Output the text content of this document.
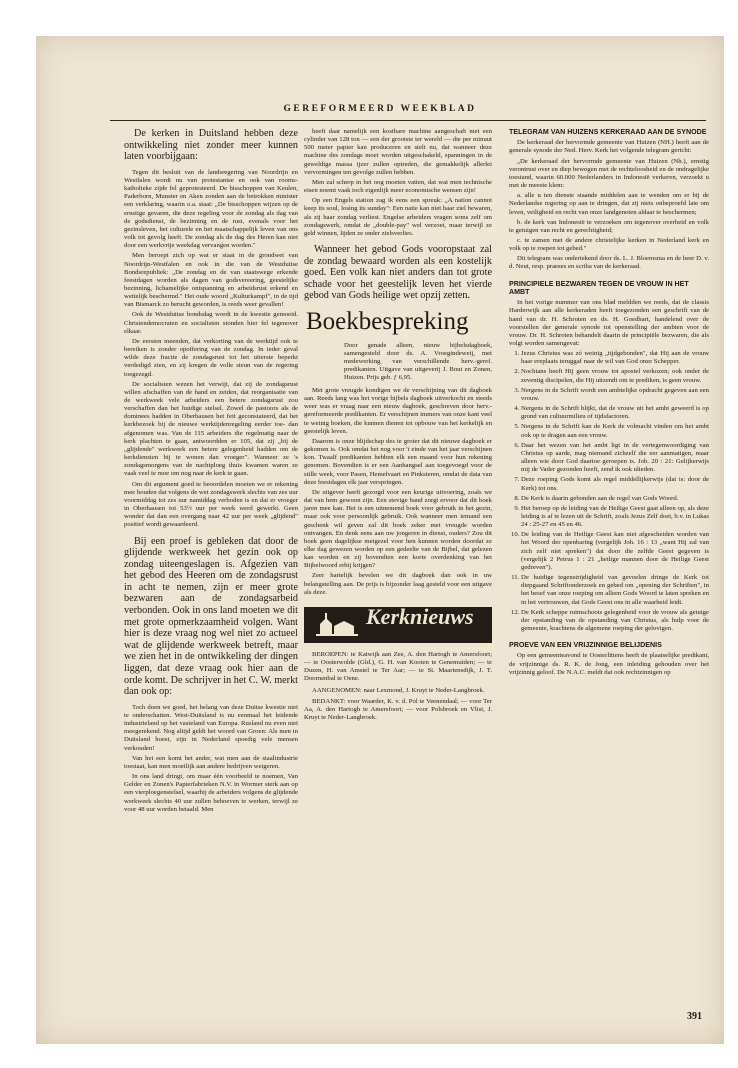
GEREFORMEERD WEEKBLAD

De kerken in Duitsland hebben deze ontwikkeling niet zonder meer kunnen laten voorbijgaan:

Tegen dit besluit van de landsregering van Noordrijn en Westfalen wordt nu van protestantse en ook van rooms-katholieke zijde fel geprotesteerd. De bisschoppen van Keulen, Paderborn, Munster en Aken zonden aan de betrokken minister een verklaring, waarin o.a. staat: „De bisschoppen wijzen op de ernstige gevaren, die deze regeling voor de zondag als dag van de godsdienst, de bezinning en de rust, evenals voor het gezinsleven, het culturele en het maatschappelijk leven van ons volk tot gevolg heeft. De zondag als de dag des Heren kan niet door een werkvrije weekdag vervangen worden."

Men beroept zich op wat er staat in de grondwet van Noordrijn-Westfalen en ook in die van de Westduitse Bondsrepubliek: „De zondag en de van staatswege erkende feestdagen worden als dagen van godsvereering, geestelijke bezinning, lichamelijke ontspanning en arbeidsrust erkend en wettelijk beschermd." Het oude woord „Kulturkampf", in de tijd van Bismarck zo berucht geworden, is reeds weer gevallen!

Ook de Westduitse bondsdag wordt in de kwestie gemoeid. Christendemocraten en socialisten stonden hier fel tegenover elkaar.

De eersten meenden, dat verkorting van de werktijd ook te bereiken is zonder opoffering van de zondag. In ieder geval wilde deze fractie de zondagsrust tot het uiterste beperkt verdedigd zien, en zij kregen de volle steun van de regering toegezegd.

De socialisten wezen het verwijt, dat zij de zondagsrust willen afschaffen van de hand en zeiden, dat reorganisatie van de werkweek vele arbeiders een betere zondagsrust zou verschaffen dan het huidige stelsel. Zowel de pastoors als de dominees hadden in Oberhausen het feit geconstateerd, dat het kerkbezoek bij de nieuwe werktijdenregeling eerder toe- dan afgenomen was. Van de 115 arbeiders die regelmatig naar de kerk plachten te gaan, antwoordden er 105, dat zij „bij de „glijdende" werkweek een betere gelegenheid hadden om de kerkdiensten bij te wonen dan vroeger". Wanneer ze 's zondagsmorgens van de nachtploeg thuis kwamen waren ze vaak veel te moe om nog naar de kerk te gaan.

Om dit argument goed te beoordelen moeten we er rekening mee houden dat volgens de wet zondagswerk slechts van zes uur voormiddag tot zes uur namiddag verboden is en dat er vroeger in Oberhausen tot 53½ uur per week werd gewerkt. Geen wonder dat dan een overgang naar 42 uur per week „glijdend" positief wordt gewaardeerd.

Bij een proef is gebleken dat door de glijdende werkweek het gezin ook op zondag uiteengeslagen is. Afgezien van het gebod des Heeren om de zondagsrust in acht te nemen, zijn er meer grote bezwaren aan de zondagsarbeid verbonden. Ook in ons land moeten we dit met grote opmerkzaamheid volgen. Want hier is deze vraag nog wel niet zo actueel wat de glijdende werkweek betreft, maar we zien het in de ontwikkeling der dingen liggen, dat deze vraag ook hier aan de orde komt. De schrijver in het C. W. merkt dan ook op:

Toch doen we goed, het belang van deze Duitse kwestie niet te onderschatten. West-Duitsland is nu eenmaal het leidende industrieland op het vasteland van Europa. Rusland nu even niet meegerekend. Nog altijd geldt het woord van Groen: Als men in Duitsland hoest, zijn in Nederland spoedig vele mensen verkouden!

Van het een komt het ander, wat men aan de staalindustrie toestaat, kan men moeilijk aan andere bedrijven weigeren.

In ons land dringt, om maar één voorbeeld te noemen, Van Gelder en Zonen's Papierfabrieken N.V. in Wormer sterk aan op een vierploegenstelsel, waarbij de arbeiders volgens de glijdende werkweek slechts 40 uur zullen behoeven te werken, terwijl ze voor 48 uur worden betaald. Men

heeft daar namelijk een kostbare machine aangeschaft met een cylinder van 128 ton — een der grootste ter wereld — die per minuut 500 meter papier kan produceren en stelt nu, dat wanneer deze machine des zondags moet worden uitgeschakeld, spanningen in de geweldige massa ijzer zullen optreden, die gemakkelijk allerlei vervormingen ten gevolge zullen hebben.

Men zal scherp in het oog moeten vatten, dat wat men technische eisen noemt vaak toch eigenlijk meer economische wensen zijn!

Op een Engels station zag ik eens een spreuk: „A nation cannot keep its soul, losing its sunday": Een natie kan niet haar ziel bewaren, als zij haar zondag verliest. Engelse arbeiders vragen soms zelf om zondagswerk, omdat de „double-pay" wel verzoet, maar terwijl ze geld winnen, lijden ze onder zielsverlies.

Wanneer het gebod Gods vooropstaat zal de zondag bewaard worden als een kostelijk goed. Een volk kan niet anders dan tot grote schade voor het geestelijk leven het vierde gebod van Gods heilige wet opzij zetten.

Boekbespreking

Door genade alleen, nieuw bijbelsdagboek, samengesteld door ds. A. Vroegindeweij, met medewerking van verschillende herv.-geref. predikanten. Uitgave van uitgeverij J. Bout en Zonen, Huizen. Prijs geb. ƒ 6,95.

Met grote vreugde kondigen we de verschijning van dit dagboek aan. Reeds lang was het vorige bijbels dagboek uitverkocht en steeds weer was er vraag naar een nieuw dagboek, geschreven door herv.-gereformeerde predikanten. Er verschijnen immers van onze kant veel te weinig boeken, die kunnen dienen tot opbouw van het kerkelijk en geestelijk leven.

Daarom is onze blijdschap des te groter dat dit nieuwe dagboek er gekomen is. Ook omdat het nog voor 't einde van het jaar verschijnen kon. Twaalf predikanten hebben elk een maand voor hun rekening genomen. Bovendien is er een Aanhangsel aan toegevoegd voor de stille week, voor Pasen, Hemelvaart en Pinksteren, omdat de data van deze feestdagen elk jaar verspringen.

De uitgever heeft gezorgd voor een keurige uitvoering, zoals we dat van hem gewoon zijn. Een stevige band zorgt ervoor dat dit boek jaren mee kan. Het is een uitnemend boek voor gebruik in het gezin, maar ook voor persoonlijk gebruik. Ook wanneer men iemand een geschenk wil geven zal dit boek zeker met vreugde worden ontvangen. En denk eens aan uw jongeren in dienst, ouders? Zou dit boek geen dagelijkse metgezel voor hen kunnen worden doordat ze elke dag gewezen worden op een gedeelte van de Bijbel, dat gelezen kan worden en zij bovendien een korte overdenking van het Bijbelwoord erbij krijgen?

Zeer hartelijk bevelen we dit dagboek dan ook in uw belangstelling aan. De prijs is bijzonder laag gesteld voor een uitgave als deze.

Kerknieuws

BEROEPEN: te Katwijk aan Zee, A. den Hartogh te Amersfoort; — te Oosterwolde (Gld.), G. H. van Kooten te Genemuiden; — te Duzen, H. van Amstel te Ter Aar; — te St. Maartensdijk, J. T. Doornenbal te Oene.

AANGENOMEN: naar Lexmond, J. Kruyt te Neder-Langbroek.

BEDANKT: voor Waarder, K. v. d. Pol te Veenendaal; — voor Ter Aa, A. den Hartogh te Amersfoort; — voor Polsbroek en Vlist, J. Kruyt te Neder-Langbroek.

TELEGRAM VAN HUIZENS KERKERAAD AAN DE SYNODE

De kerkeraad der hervormde gemeente van Huizen (NH.) heeft aan de generale synode der Ned. Herv. Kerk het volgende telegram gericht:

„De kerkeraad der hervormde gemeente van Huizen (Nh.), ernstig verontrust over en diep bewogen met de rechteloosheid en de ondragelijke toestand, waarin 60.000 Nederlanders in Indonesië verkeren, verzoekt u met de meeste klem:

a. alle u ten dienste staande middelen aan te wenden om er bij de Nederlandse regering op aan te dringen, dat zij niets onbeproefd late om leven, veiligheid en recht van onze landgenoten aldaar te beschermen;

b. de kerk van Indonesië te verzoeken om tegenover overheid en volk te getuigen van recht en gerechtigheid;

c. te zamen met de andere christelijke kerken in Nederland kerk en volk op te roepen tot gebed."

Dit telegram was ondertekend door ds. L. J. Bloemsma en de heer D. v. d. Neut, resp. praeses en scriba van de kerkeraad.

PRINCIPIELE BEZWAREN TEGEN DE VROUW IN HET AMBT

In het vorige nummer van ons blad meldden we reeds, dat de classis Harderwijk aan alle kerkeraden heeft toegezonden een geschrift van de hand van dr. H. Schroten en ds. H. Goedhart, handelend over de voorstellen der generale synode tot openstelling der ambten voor de vrouw. Dr. H. Schroten behandelt daarin de principiële bezwaren, die als volgt worden samengevat:

1. Jezus Christus was zó weinig „tijdgebonden", dat Hij aan de vrouw haar ereplaats teruggaf naar de wil van God onze Schepper.
2. Nochtans heeft Hij geen vrouw tot apostel verkozen; ook onder de zeventig discipelen, die Hij uitzendt om te prediken, is geen vrouw.
3. Nergens in de Schrift wordt een ambtelijke opdracht gegeven aan een vrouw.
4. Nergens in de Schrift blijkt, dat de vrouw uit het ambt geweerd is op grond van cultuurmilieu of tijdsfactoren.
5. Nergens in de Schrift kan de Kerk de volmacht vinden om het ambt ook op te dragen aan een vrouw.
6. Daar het wezen van het ambt ligt in de vertegenwoordiging van Christus op aarde, mag niemand zichzelf die eer aanmatigen, maar alleen wie door God daartoe geroepen is. Joh. 20 : 21: Gelijkerwijs mij de Vader gezonden heeft, zend ik ook ulieden.
7. Deze roeping Gods komt als regel middellijkerwijs (dat is: door de Kerk) tot ons.
8. De Kerk is daarin gebonden aan de regel van Gods Woord.
9. Het beroep op de leiding van de Heilige Geest gaat alleen op, als deze leiding is af te lezen uit de Schrift, zoals Jezus Zelf doet, b.v. in Lukas 24 : 25-27 en 45 en 46.
10. De leiding van de Heilige Geest kan niet afgescheiden worden van het Woord der openbaring (vergelijk Joh. 16 : 13 „want Hij zal van zich zelf niet spreken") dat door die zelfde Geest gegeven is (vergelijk 2 Petrus 1 : 21 „heilige mannen door de Heilige Geest gedreven").
11. De huidige tegenstrijdigheid van gevoelen dringe de Kerk tot diepgaand Schriftonderzoek en gebed om „opening der Schriften", in het besef van onze roeping om alleen Gods Woord te laten spreken en in het vertrouwen, dat Gods Geest ons in alle waarheid leidt.
12. De Kerk scheppe ruimschoots gelegenheid voor de vrouw als getuige der opstanding van de opstanding van Christus, als hulp voor de gemeente, krachtens de algemene roeping der gelovigen.
PROEVE VAN EEN VRIJZINNIGE BELIJDENIS

Op een gemeenteavond te Oosterlittens heeft de plaatselijke predikant, de vrijzinnige ds. R. K. de Jong, een inleiding gehouden over het vrijzinnig geloof. De N.A.C. meldt dat ook rechtzinnigen op

391
